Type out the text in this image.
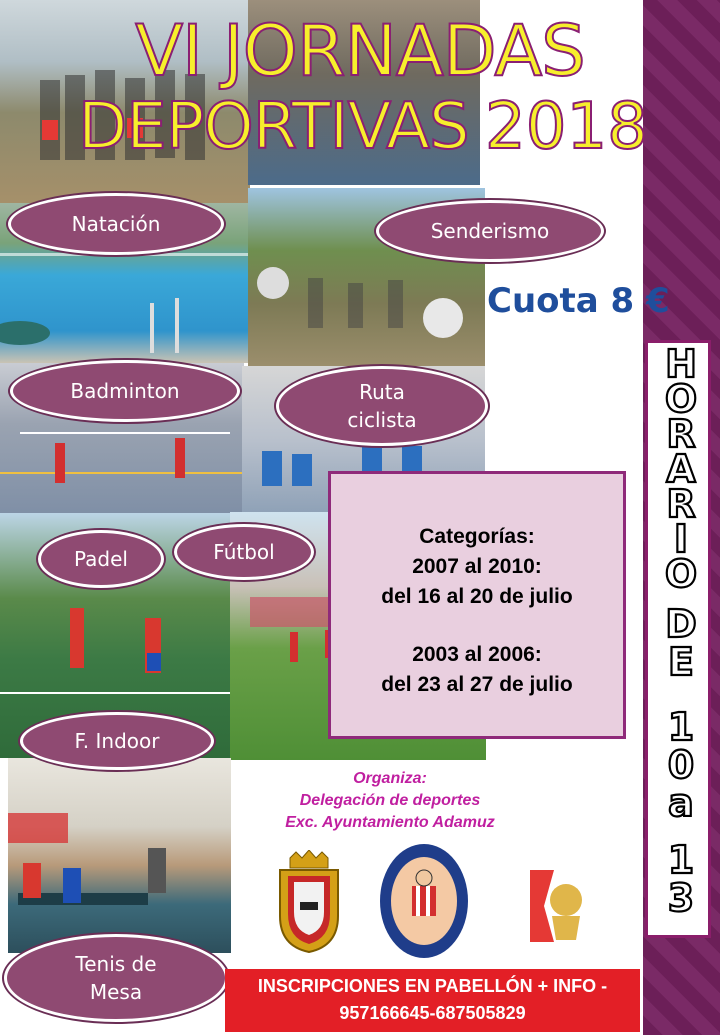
H
O
R
A
R
I
O
D
E
1
0
a
1
3
VI JORNADAS
DEPORTIVAS 2018
Natación	Senderismo
Badminton	Ruta
ciclista
Padel	Fútbol
F. Indoor
Tenis de
Mesa
Cuota 8 €
Categorías:
2007 al 2010:
del 16 al 20 de julio
2003 al 2006:
del 23 al 27 de julio
Organiza:
Delegación de deportes
Exc. Ayuntamiento Adamuz
INSCRIPCIONES EN PABELLÓN + INFO -
957166645-687505829
